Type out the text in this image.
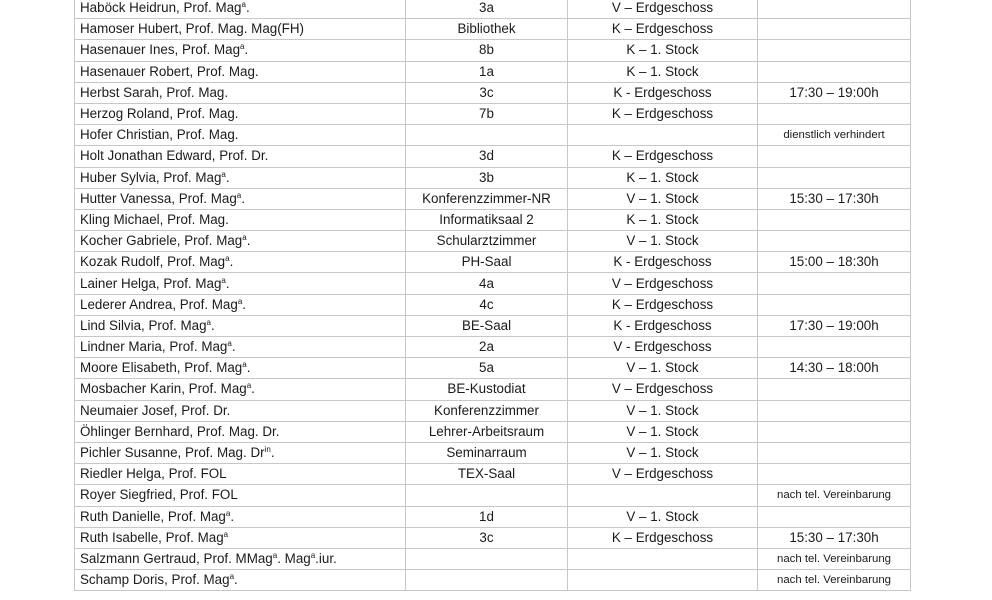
Haböck Heidrun, Prof. Mag$^a$.	3a	V – Erdgeschoss	
Hamoser Hubert, Prof. Mag. Mag(FH)	Bibliothek	K – Erdgeschoss	
Hasenauer Ines, Prof. Mag$^a$.	8b	K – 1. Stock	
Hasenauer Robert, Prof. Mag.	1a	K – 1. Stock	
Herbst Sarah, Prof. Mag.	3c	K - Erdgeschoss	17:30 – 19:00h
Herzog Roland, Prof. Mag.	7b	K – Erdgeschoss	
Hofer Christian, Prof. Mag.			dienstlich verhindert
Holt Jonathan Edward, Prof. Dr.	3d	K – Erdgeschoss	
Huber Sylvia, Prof. Mag$^a$.	3b	K – 1. Stock	
Hutter Vanessa, Prof. Mag$^a$.	Konferenzzimmer-NR	V – 1. Stock	15:30 – 17:30h
Kling Michael, Prof. Mag.	Informatiksaal 2	K – 1. Stock	
Kocher Gabriele, Prof. Mag$^a$.	Schularztzimmer	V – 1. Stock	
Kozak Rudolf, Prof. Mag$^a$.	PH-Saal	K - Erdgeschoss	15:00 – 18:30h
Lainer Helga, Prof. Mag$^a$.	4a	V – Erdgeschoss	
Lederer Andrea, Prof. Mag$^a$.	4c	K – Erdgeschoss	
Lind Silvia, Prof. Mag$^a$.	BE-Saal	K - Erdgeschoss	17:30 – 19:00h
Lindner Maria, Prof. Mag$^a$.	2a	V - Erdgeschoss	
Moore Elisabeth, Prof. Mag$^a$.	5a	V – 1. Stock	14:30 – 18:00h
Mosbacher Karin, Prof. Mag$^a$.	BE-Kustodiat	V – Erdgeschoss	
Neumaier Josef, Prof. Dr.	Konferenzzimmer	V – 1. Stock	
Öhlinger Bernhard, Prof. Mag. Dr.	Lehrer-Arbeitsraum	V – 1. Stock	
Pichler Susanne, Prof. Mag. $Dr^{in}$.	Seminarraum	V – 1. Stock	
Riedler Helga, Prof. FOL	TEX-Saal	V – Erdgeschoss	
Royer Siegfried, Prof. FOL			nach tel. Vereinbarung
Ruth Danielle, Prof. Mag$^a$.	1d	V – 1. Stock	
Ruth Isabelle, Prof. Mag$^a$	3c	K – Erdgeschoss	15:30 – 17:30h
Salzmann Gertraud, Prof. MMag$^a$. Mag$^a$.iur.			nach tel. Vereinbarung
Schamp Doris, Prof. Mag$^a$.			nach tel. Vereinbarung
